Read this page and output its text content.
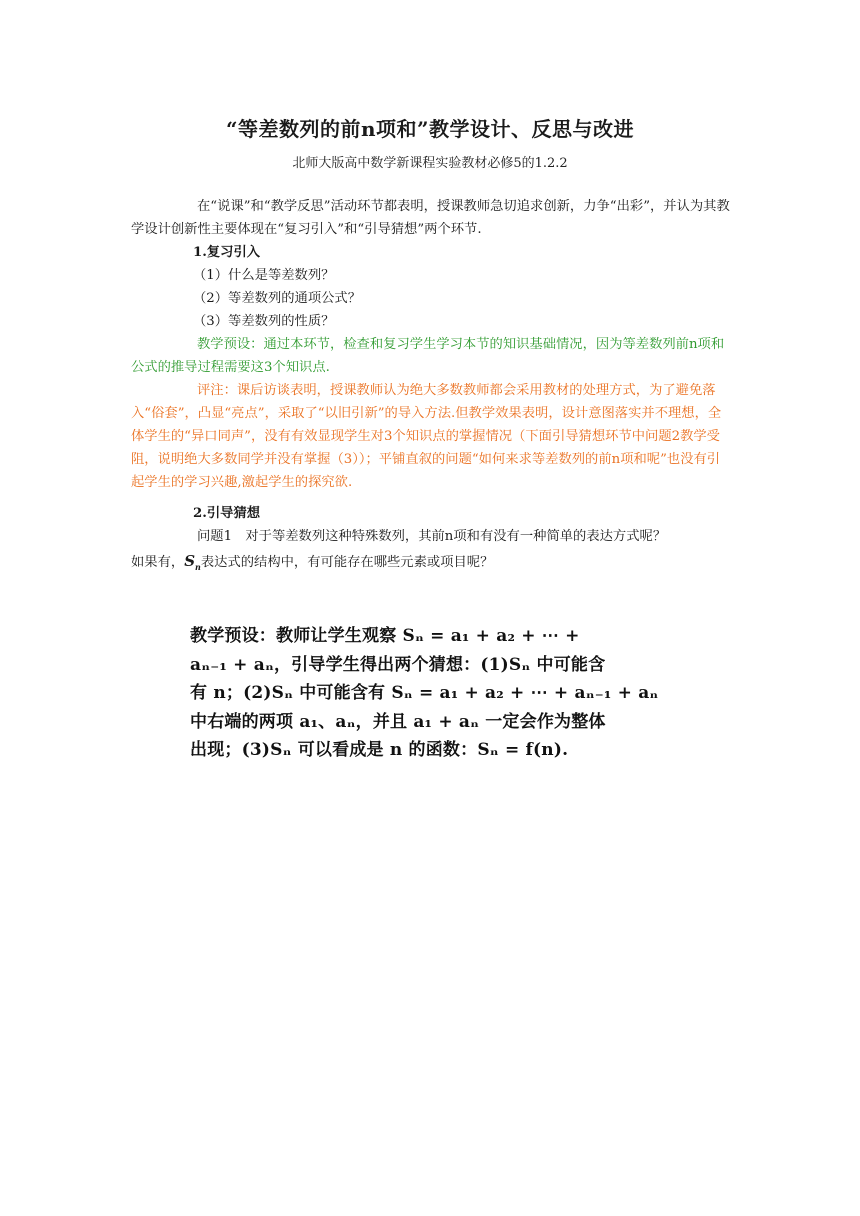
“等差数列的前n项和”教学设计、反思与改进
北师大版高中数学新课程实验教材必修5的1.2.2

在“说课”和“教学反思”活动环节都表明，授课教师急切追求创新，力争“出彩”，并认为其教学设计创新性主要体现在“复习引入”和“引导猜想”两个环节.

1.复习引入

（1）什么是等差数列？

（2）等差数列的通项公式？

（3）等差数列的性质？

教学预设：通过本环节，检查和复习学生学习本节的知识基础情况，因为等差数列前n项和公式的推导过程需要这3个知识点.

评注：课后访谈表明，授课教师认为绝大多数教师都会采用教材的处理方式，为了避免落入“俗套”，凸显“亮点”，采取了“以旧引新”的导入方法.但教学效果表明，设计意图落实并不理想，全体学生的“异口同声”，没有有效显现学生对3个知识点的掌握情况（下面引导猜想环节中问题2教学受阻，说明绝大多数同学并没有掌握（3））；平铺直叙的问题“如何来求等差数列的前n项和呢”也没有引起学生的学习兴趣,激起学生的探究欲.

2.引导猜想

问题1　对于等差数列这种特殊数列，其前n项和有没有一种简单的表达方式呢？

如果有，$S_n$表达式的结构中，有可能存在哪些元素或项目呢？

教学预设：教师让学生观察 Sₙ = a₁ + a₂ + ⋯ +

aₙ₋₁ + aₙ，引导学生得出两个猜想：(1)Sₙ 中可能含

有 n；(2)Sₙ 中可能含有 Sₙ = a₁ + a₂ + ⋯ + aₙ₋₁ + aₙ

中右端的两项 a₁、aₙ，并且 a₁ + aₙ 一定会作为整体

出现；(3)Sₙ 可以看成是 n 的函数：Sₙ = f(n).
